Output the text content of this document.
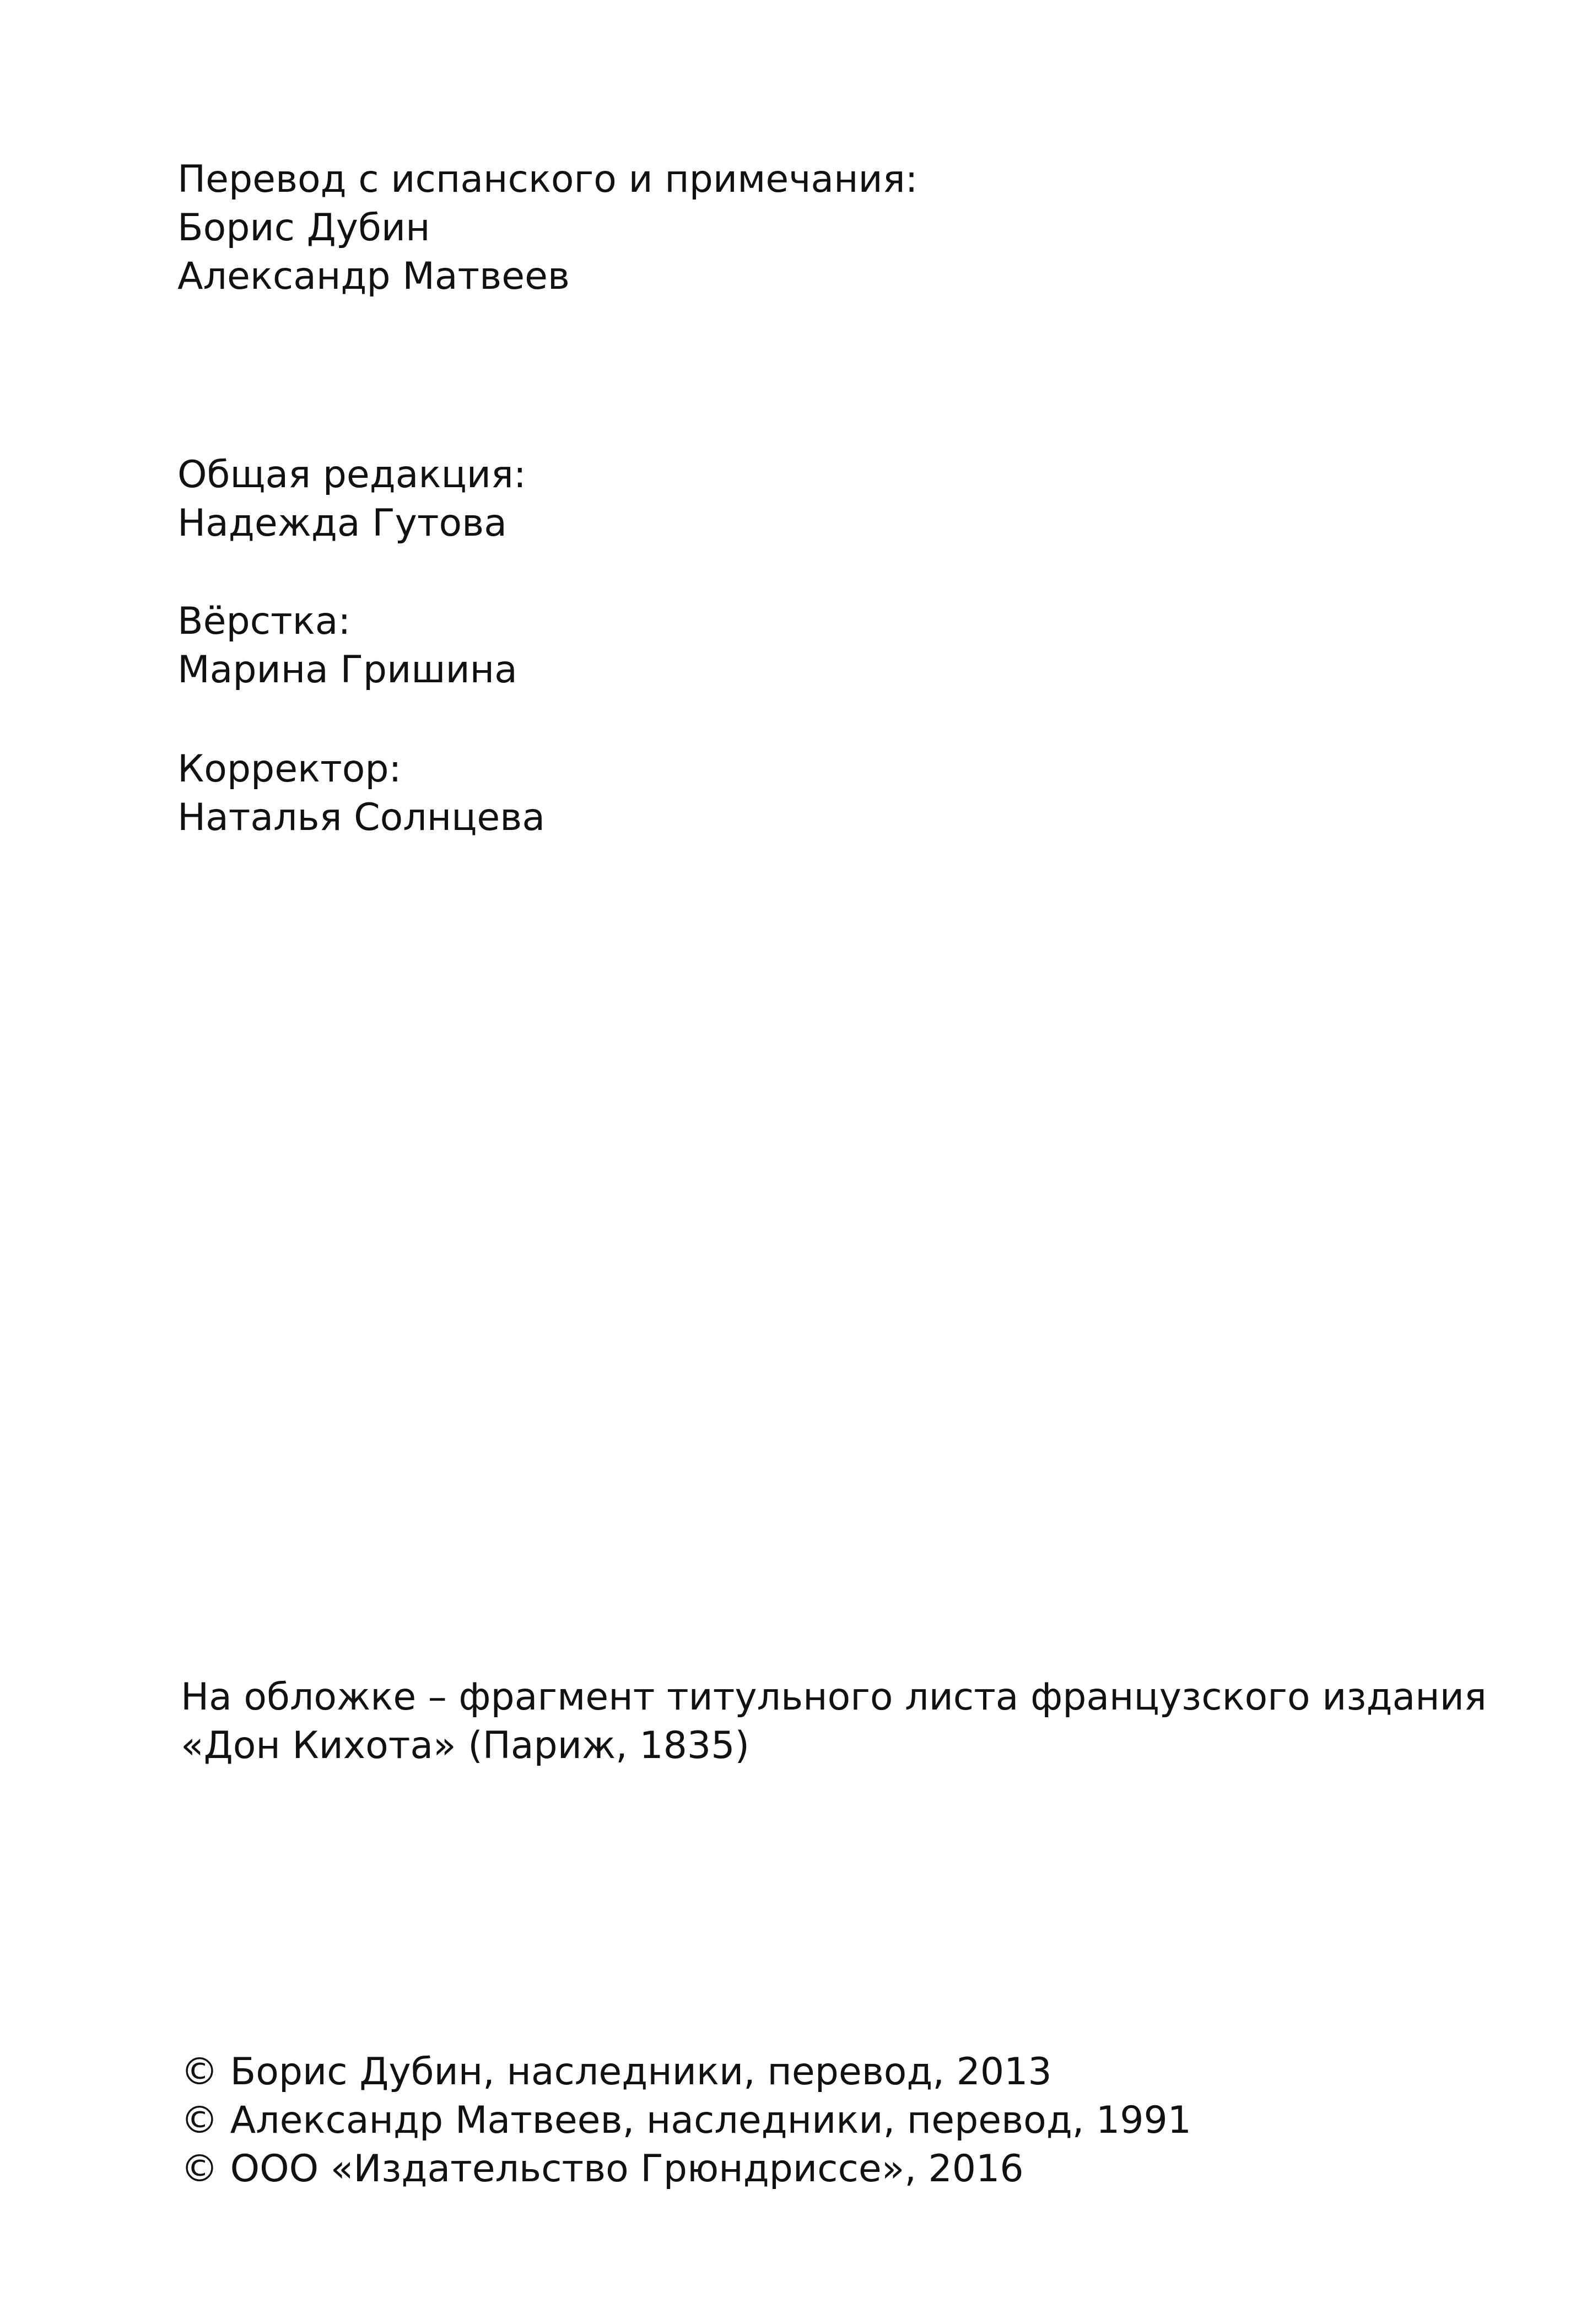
Перевод с испанского и примечания:
Борис Дубин
Александр Матвеев
Общая редакция:
Надежда Гутова
Вёрстка:
Марина Гришина
Корректор:
Наталья Солнцева
На обложке – фрагмент титульного листа французского издания
«Дон Кихота» (Париж, 1835)
© Борис Дубин, наследники, перевод, 2013
© Александр Матвеев, наследники, перевод, 1991
© ООО «Издательство Грюндриссе», 2016
